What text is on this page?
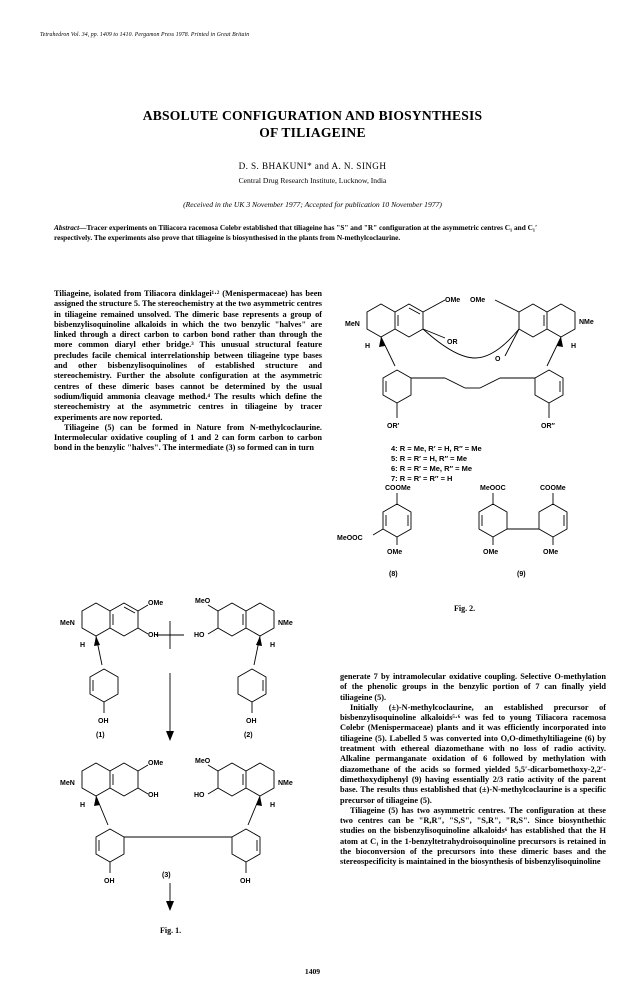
Tetrahedron Vol. 34, pp. 1409 to 1410. Pergamon Press 1978. Printed in Great Britain
ABSOLUTE CONFIGURATION AND BIOSYNTHESIS
OF TILIAGEINE
D. S. BHAKUNI* and A. N. SINGH
Central Drug Research Institute, Lucknow, India
(Received in the UK 3 November 1977; Accepted for publication 10 November 1977)
Abstract—Tracer experiments on Tiliacora racemosa Colebr established that tiliageine has "S" and "R" configuration at the asymmetric centres C₁ and C₁′ respectively. The experiments also prove that tiliageine is biosynthesised in the plants from N-methylcoclaurine.

Tiliageine, isolated from Tiliacora dinklagei¹·² (Menispermaceae) has been assigned the structure 5. The stereochemistry at the two asymmetric centres in tiliageine remained unsolved. The dimeric base represents a group of bisbenzylisoquinoline alkaloids in which the two benzylic "halves" are linked through a direct carbon to carbon bond rather than through the more common diaryl ether bridge.³ This unusual structural feature precludes facile chemical interrelationship between tiliageine type bases and other bisbenzylisoquinolines of established structure and stereochemistry. Further the absolute configuration at the asymmetric centres of these dimeric bases cannot be determined by the usual sodium/liquid ammonia cleavage method.⁴ The results which define the stereochemistry at the asymmetric centres in tiliageine by tracer experiments are now reported.

Tiliageine (5) can be formed in Nature from N-methylcoclaurine. Intermolecular oxidative coupling of 1 and 2 can form carbon to carbon bond in the benzylic "halves". The intermediate (3) so formed can in turn

OMe OMe
MeN	NMe
H	H
OR
O
OR′	OR″
4: R = Me, R′ = H, R″ = Me
5: R = R′ = H, R″ = Me
6: R = R′ = Me, R″ = Me
7: R = R′ = R″ = H
COOMe
MeOOC
OMe
(8)
MeOOC	COOMe
OMe	OMe
(9)
Fig. 2.
OMe
MeN
OH
H
OH
(1)
MeO
NMe
HO
H
OH
(2)
OMe	MeO
MeN	NMe
OH	HO
H	H
OH	OH
(3)
Fig. 1.

generate 7 by intramolecular oxidative coupling. Selective O-methylation of the phenolic groups in the benzylic portion of 7 can finally yield tiliageine (5).

Initially (±)-N-methylcoclaurine, an established precursor of bisbenzylisoquinoline alkaloids⁵·⁶ was fed to young Tiliacora racemosa Colebr (Menispermaceae) plants and it was efficiently incorporated into tiliageine (5). Labelled 5 was converted into O,O-dimethyltiliageine (6) by treatment with ethereal diazomethane with no loss of radio activity. Alkaline permanganate oxidation of 6 followed by methylation with diazomethane of the acids so formed yielded 5,5′-dicarbomethoxy-2,2′-dimethoxydiphenyl (9) having essentially 2/3 ratio activity of the parent base. The results thus established that (±)-N-methylcoclaurine is a specific precursor of tiliageine (5).

Tiliageine (5) has two asymmetric centres. The configuration at these two centres can be "R,R", "S,S", "S,R", "R,S". Since biosynthethic studies on the bisbenzylisoquinoline alkaloids⁶ has established that the H atom at C₁ in the 1-benzyltetrahydroisoquinoline precursors is retained in the bioconversion of the precursors into these dimeric bases and the stereospecificity is maintained in the biosynthesis of bisbenzylisoquinoline

1409
